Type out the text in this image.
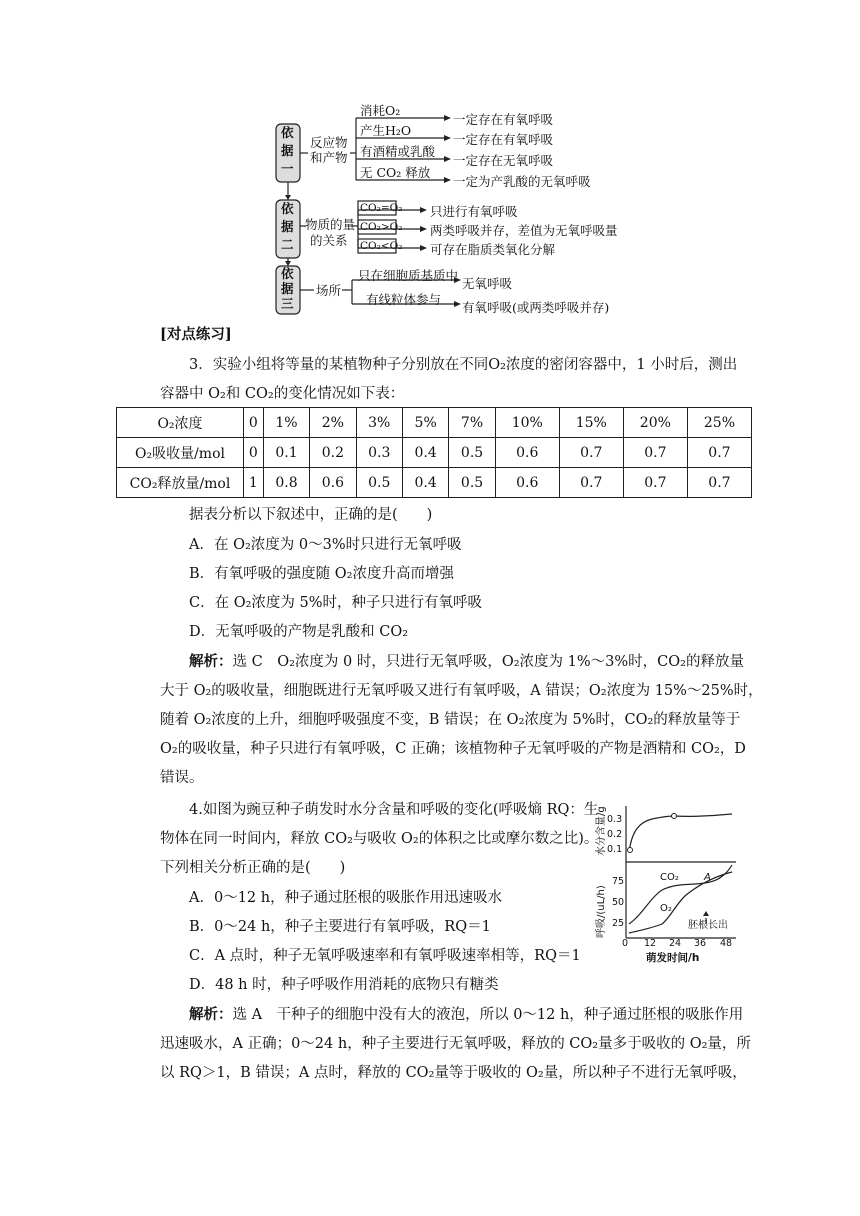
依据一
依据二
依据三
反应物
和产物
物质的量
的关系
场所
消耗O₂
产生H₂O
有酒精或乳酸
无 CO₂ 释放
一定存在有氧呼吸
一定存在有氧呼吸
一定存在无氧呼吸
一定为产乳酸的无氧呼吸
CO₂=O₂
CO₂>O₂
CO₂<O₂
只进行有氧呼吸
两类呼吸并存，差值为无氧呼吸量
可存在脂质类氧化分解
只在细胞质基质中
有线粒体参与
无氧呼吸
有氧呼吸(或两类呼吸并存)
[对点练习]
3．实验小组将等量的某植物种子分别放在不同O₂浓度的密闭容器中，1 小时后，测出
容器中 O₂和 CO₂的变化情况如下表：
O₂浓度	0	1%	2%	3%	5%	7%	10%	15%	20%	25%
O₂吸收量/mol	0	0.1	0.2	0.3	0.4	0.5	0.6	0.7	0.7	0.7
CO₂释放量/mol	1	0.8	0.6	0.5	0.4	0.5	0.6	0.7	0.7	0.7
据表分析以下叙述中，正确的是(　　)
A．在 O₂浓度为 0～3%时只进行无氧呼吸
B．有氧呼吸的强度随 O₂浓度升高而增强
C．在 O₂浓度为 5%时，种子只进行有氧呼吸
D．无氧呼吸的产物是乳酸和 CO₂
解析：选 C　O₂浓度为 0 时，只进行无氧呼吸，O₂浓度为 1%～3%时，CO₂的释放量
大于 O₂的吸收量，细胞既进行无氧呼吸又进行有氧呼吸，A 错误；O₂浓度为 15%～25%时，
随着 O₂浓度的上升，细胞呼吸强度不变，B 错误；在 O₂浓度为 5%时，CO₂的释放量等于
O₂的吸收量，种子只进行有氧呼吸，C 正确；该植物种子无氧呼吸的产物是酒精和 CO₂，D
错误。
4.如图为豌豆种子萌发时水分含量和呼吸的变化(呼吸熵 RQ：生
物体在同一时间内，释放 CO₂与吸收 O₂的体积之比或摩尔数之比)。
下列相关分析正确的是(　　)
A．0～12 h，种子通过胚根的吸胀作用迅速吸水
B．0～24 h，种子主要进行有氧呼吸，RQ＝1
C．A 点时，种子无氧呼吸速率和有氧呼吸速率相等，RQ＝1
D．48 h 时，种子呼吸作用消耗的底物只有糖类
解析：选 A　干种子的细胞中没有大的液泡，所以 0～12 h，种子通过胚根的吸胀作用
迅速吸水，A 正确；0～24 h，种子主要进行无氧呼吸，释放的 CO₂量多于吸收的 O₂量，所
以 RQ＞1，B 错误；A 点时，释放的 CO₂量等于吸收的 O₂量，所以种子不进行无氧呼吸，
水分含量/g
呼吸/(uL/h)
0.3
0.2
0.1
75
50
25
0 12 24 36 48
萌发时间/h
CO₂
O₂
A
胚根长出
